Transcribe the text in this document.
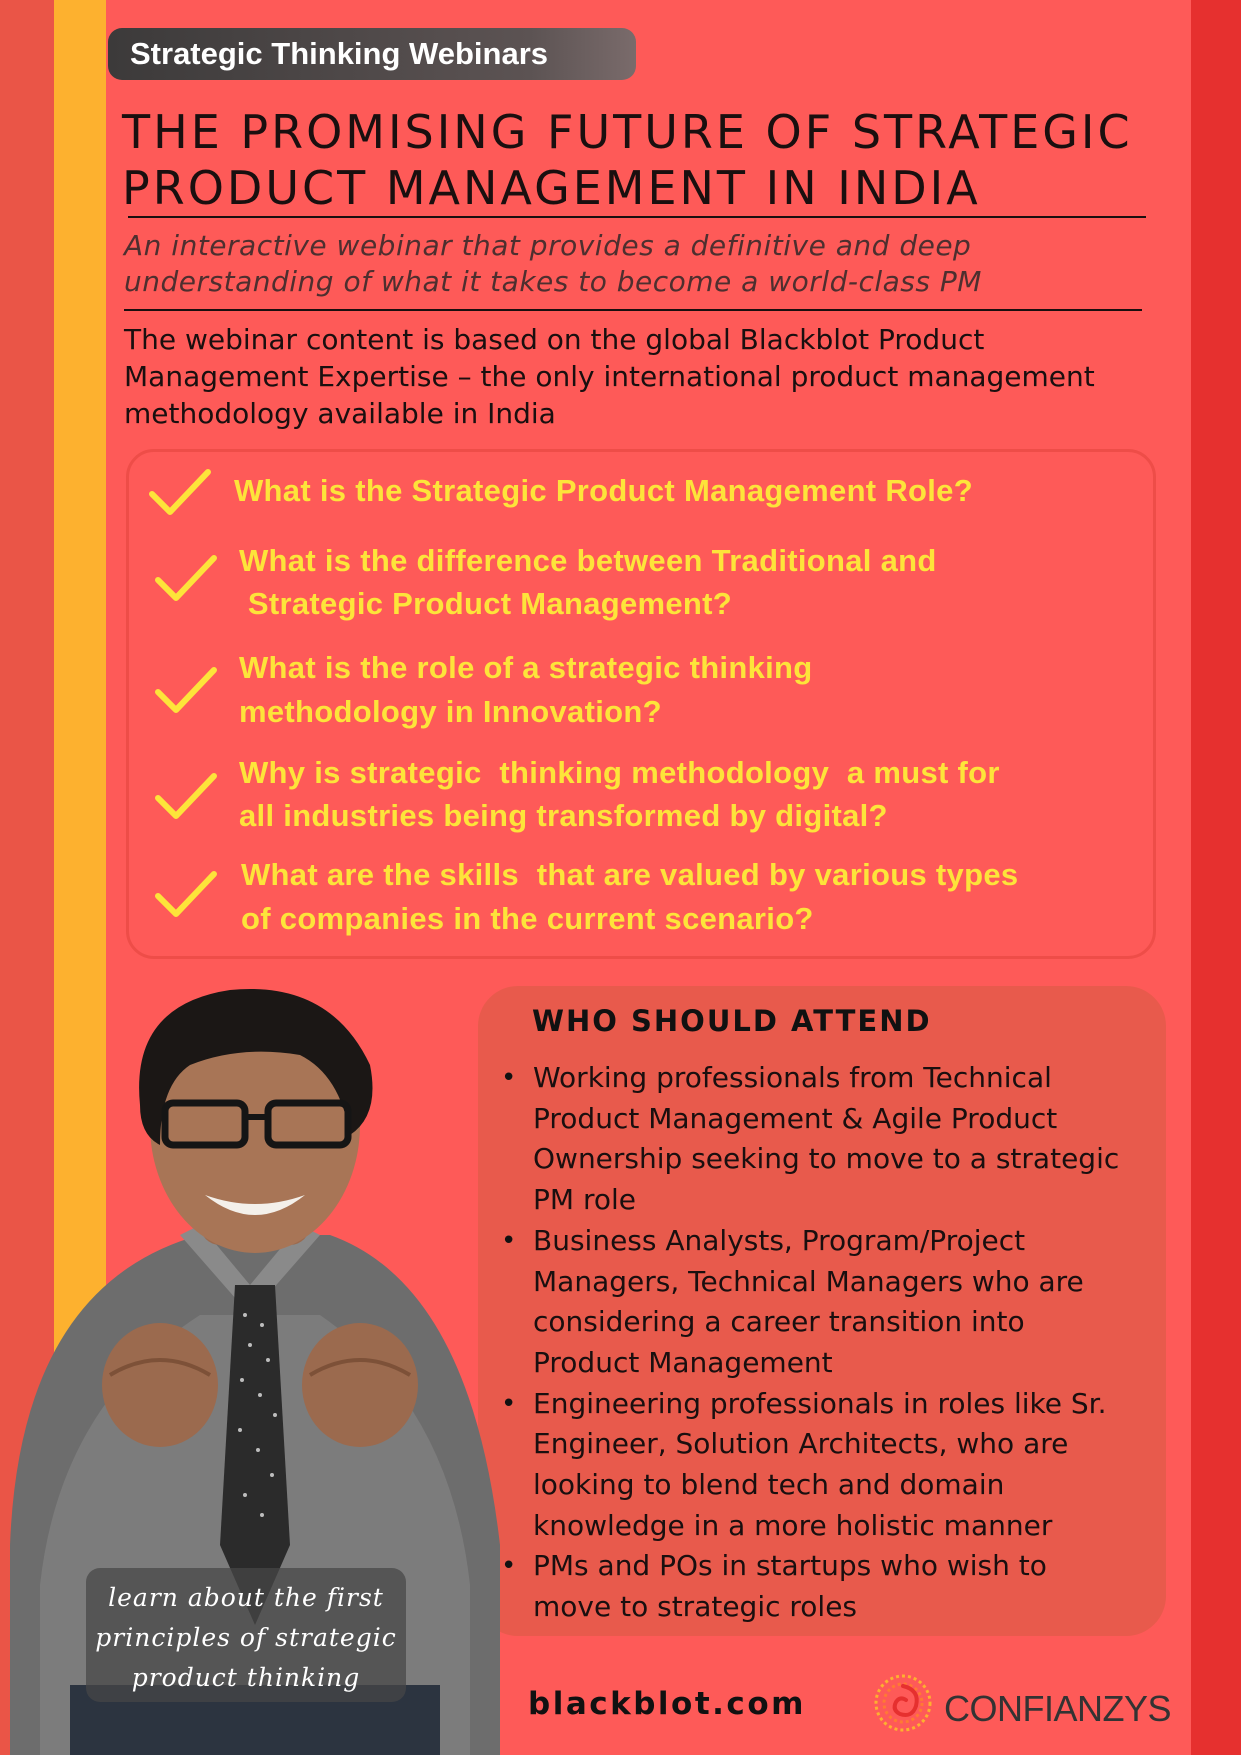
Strategic Thinking Webinars
THE PROMISING FUTURE OF STRATEGIC PRODUCT MANAGEMENT IN INDIA
An interactive webinar that provides a definitive and deep understanding of what it takes to become a world-class PM
The webinar content is based on the global Blackblot Product Management Expertise – the only international product management methodology available in India
What is the Strategic Product Management Role?
What is the difference between Traditional and
Strategic Product Management?
What is the role of a strategic thinking
methodology in Innovation?
Why is strategic  thinking methodology  a must for
all industries being transformed by digital?
What are the skills  that are valued by various types
of companies in the current scenario?
WHO SHOULD ATTEND
• Working professionals from Technical Product Management & Agile Product Ownership seeking to move to a strategic PM role
• Business Analysts, Program/Project Managers, Technical Managers who are considering a career transition into Product Management
• Engineering professionals in roles like Sr. Engineer, Solution Architects, who are looking to blend tech and domain knowledge in a more holistic manner
• PMs and POs in startups who wish to move to strategic roles
learn about the first principles of strategic product thinking
blackblot.com	CONFIANZYS
